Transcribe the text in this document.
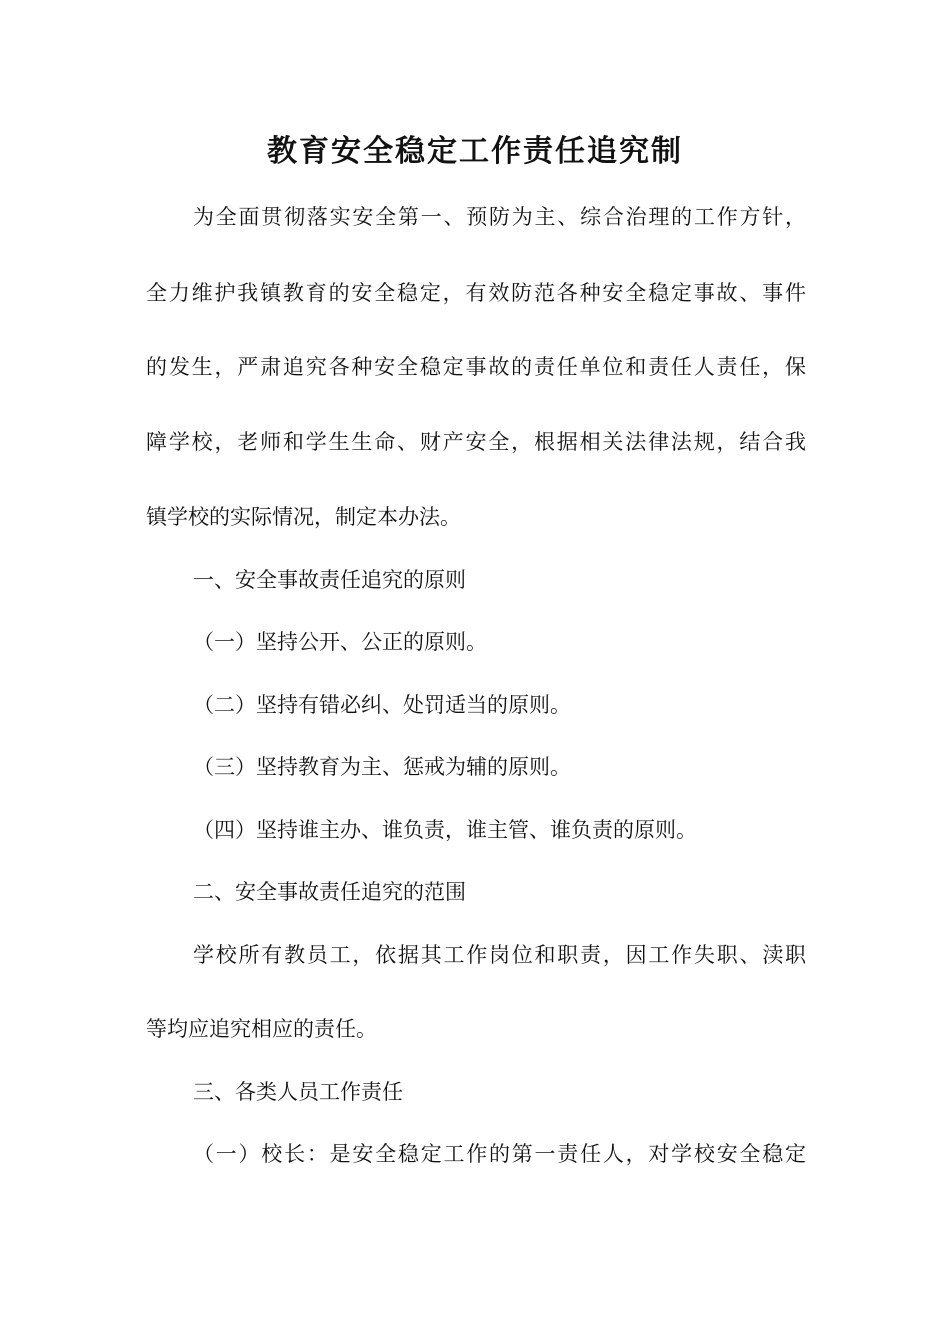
教育安全稳定工作责任追究制

为全面贯彻落实安全第一、预防为主、综合治理的工作方针，

全力维护我镇教育的安全稳定，有效防范各种安全稳定事故、事件

的发生，严肃追究各种安全稳定事故的责任单位和责任人责任，保

障学校，老师和学生生命、财产安全，根据相关法律法规，结合我

镇学校的实际情况，制定本办法。

一、安全事故责任追究的原则

（一）坚持公开、公正的原则。

（二）坚持有错必纠、处罚适当的原则。

（三）坚持教育为主、惩戒为辅的原则。

（四）坚持谁主办、谁负责，谁主管、谁负责的原则。

二、安全事故责任追究的范围

学校所有教员工，依据其工作岗位和职责，因工作失职、渎职

等均应追究相应的责任。

三、各类人员工作责任

（一）校长：是安全稳定工作的第一责任人，对学校安全稳定
